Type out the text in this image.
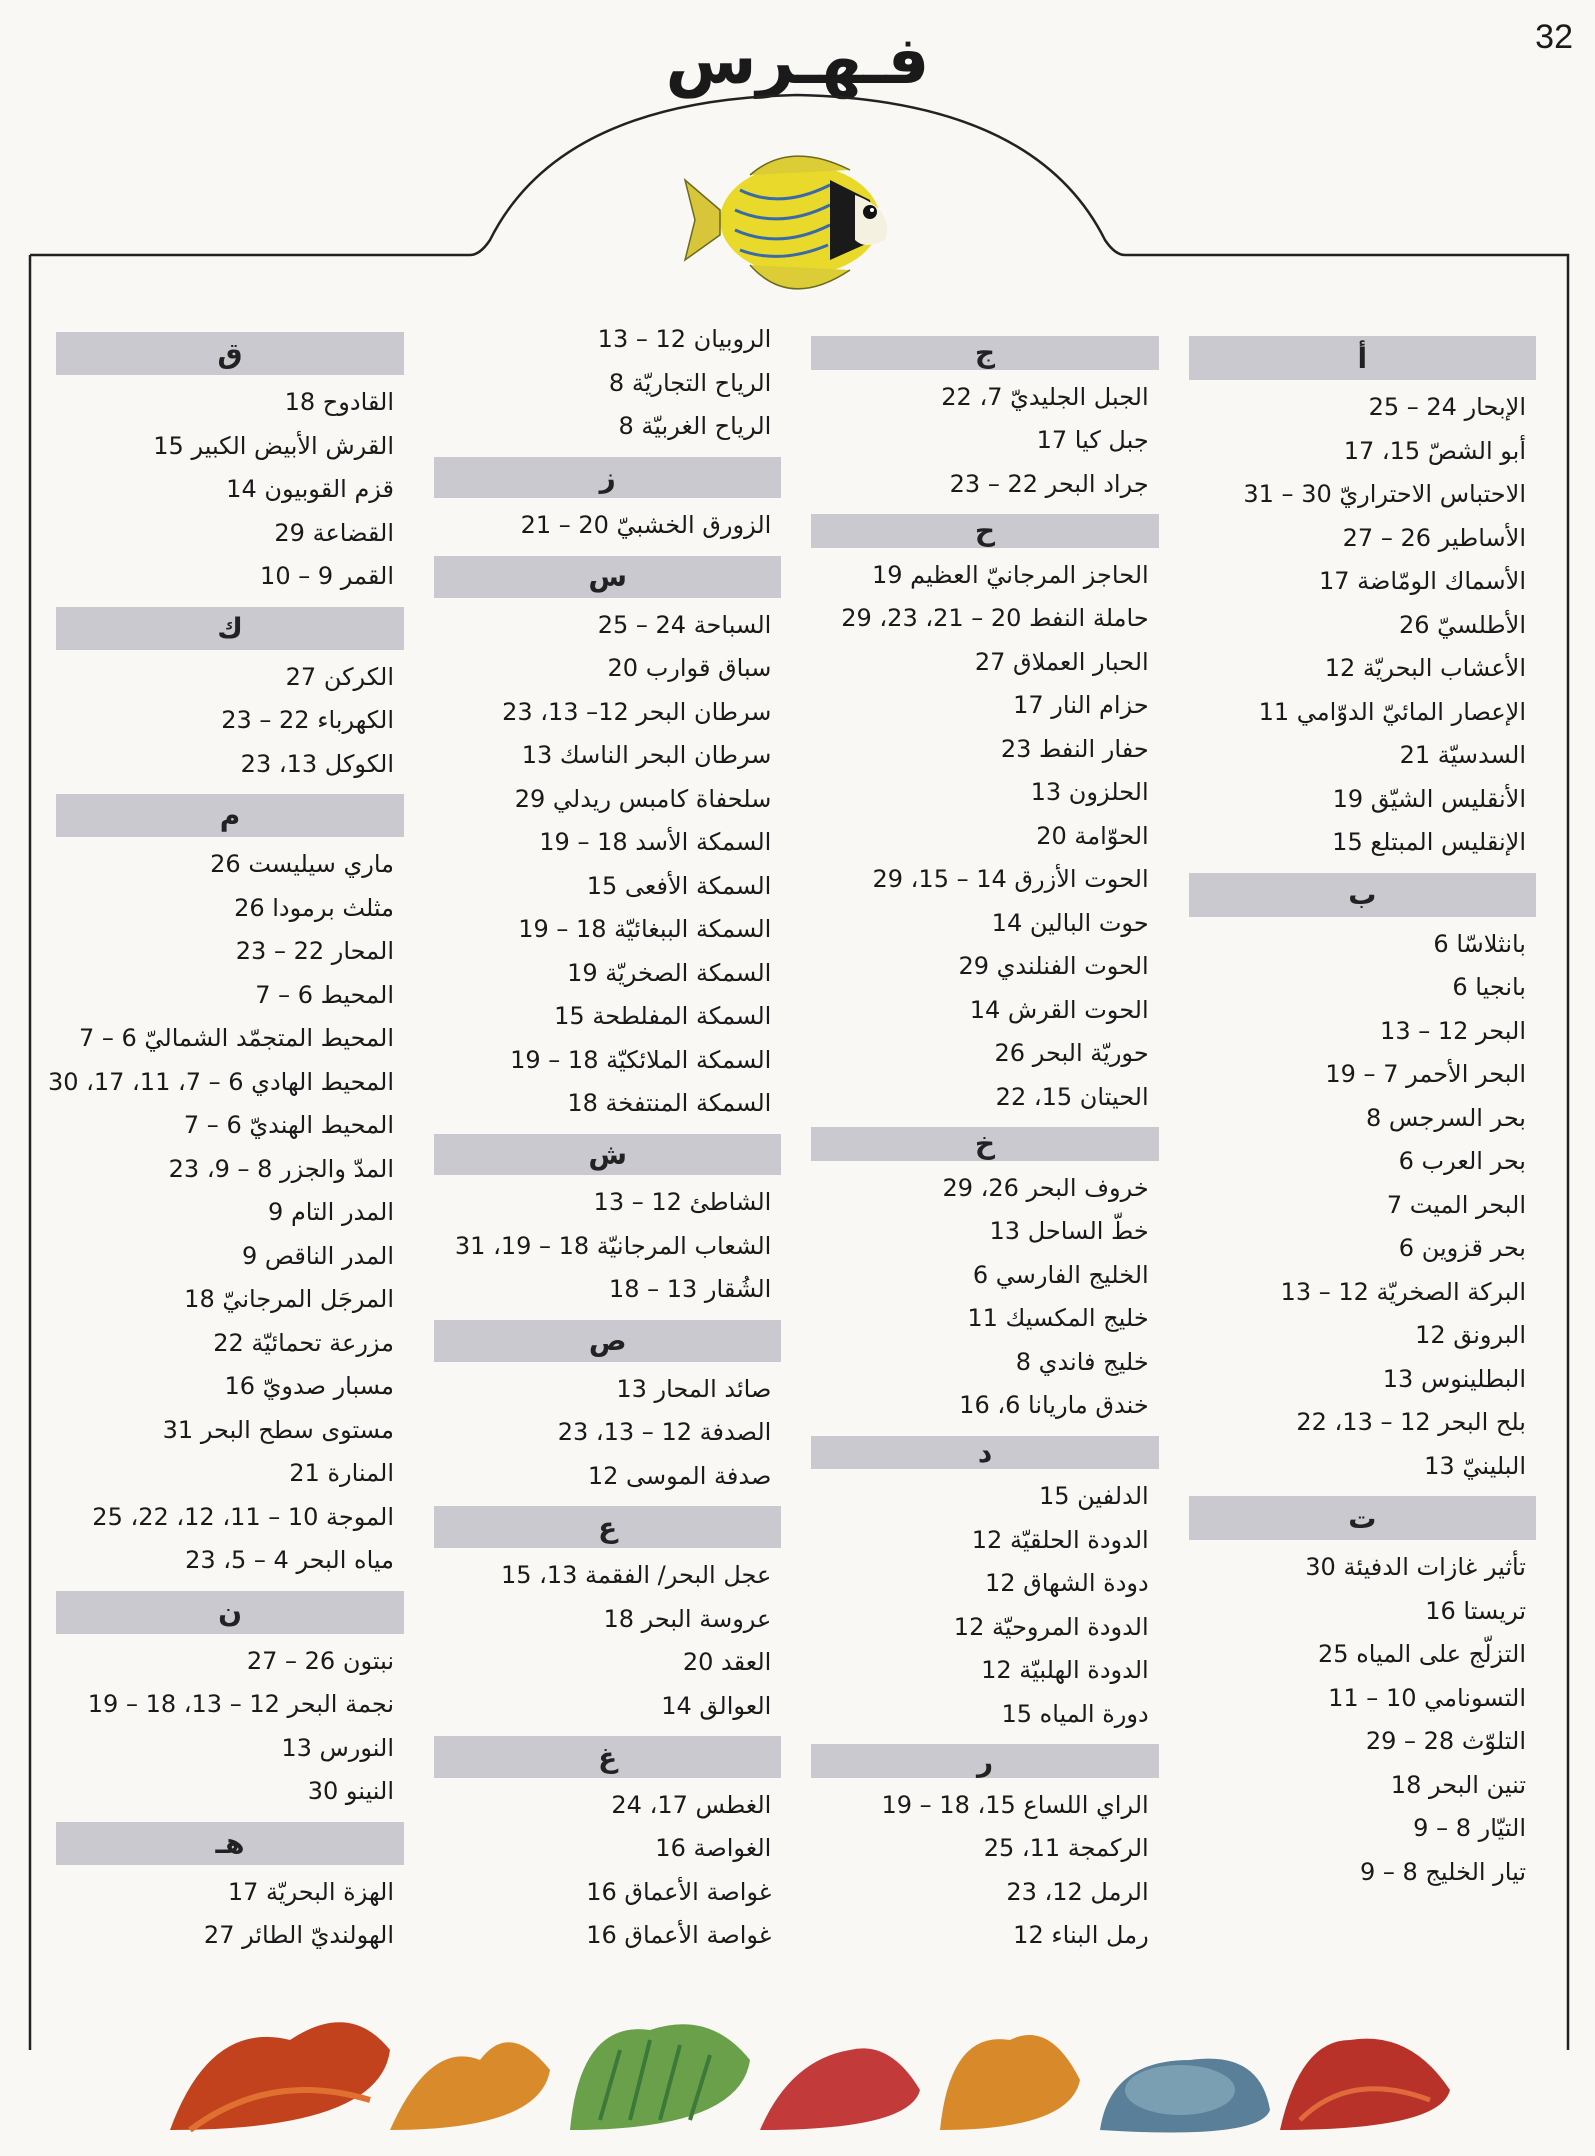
32
فـهـرس
أ
الإبحار 24 – 25
أبو الشصّ 15، 17
الاحتباس الاحتراريّ 30 – 31
الأساطير 26 – 27
الأسماك الومّاضة 17
الأطلسيّ 26
الأعشاب البحريّة 12
الإعصار المائيّ الدوّامي 11
السدسيّة 21
الأنقليس الشيّق 19
الإنقليس المبتلع 15
ب
بانثلاسّا 6
بانجيا 6
البحر 12 – 13
البحر الأحمر 7 – 19
بحر السرجس 8
بحر العرب 6
البحر الميت 7
بحر قزوين 6
البركة الصخريّة 12 – 13
البرونق 12
البطلينوس 13
بلح البحر 12 – 13، 22
البلينيّ 13
ت
تأثير غازات الدفيئة 30
تريستا 16
التزلّج على المياه 25
التسونامي 10 – 11
التلوّث 28 – 29
تنين البحر 18
التيّار 8 – 9
تيار الخليج 8 – 9
ج
الجبل الجليديّ 7، 22
جبل كيا 17
جراد البحر 22 – 23
ح
الحاجز المرجانيّ العظيم 19
حاملة النفط 20 – 21، 23، 29
الحبار العملاق 27
حزام النار 17
حفار النفط 23
الحلزون 13
الحوّامة 20
الحوت الأزرق 14 – 15، 29
حوت البالين 14
الحوت الفنلندي 29
الحوت القرش 14
حوريّة البحر 26
الحيتان 15، 22
خ
خروف البحر 26، 29
خطّ الساحل 13
الخليج الفارسي 6
خليج المكسيك 11
خليج فاندي 8
خندق ماريانا 6، 16
د
الدلفين 15
الدودة الحلقيّة 12
دودة الشهاق 12
الدودة المروحيّة 12
الدودة الهلبيّة 12
دورة المياه 15
ر
الراي اللساع 15، 18 – 19
الركمجة 11، 25
الرمل 12، 23
رمل البناء 12
الروبيان 12 – 13
الرياح التجاريّة 8
الرياح الغربيّة 8
ز
الزورق الخشبيّ 20 – 21
س
السباحة 24 – 25
سباق قوارب 20
سرطان البحر 12– 13، 23
سرطان البحر الناسك 13
سلحفاة كامبس ريدلي 29
السمكة الأسد 18 – 19
السمكة الأفعى 15
السمكة الببغائيّة 18 – 19
السمكة الصخريّة 19
السمكة المفلطحة 15
السمكة الملائكيّة 18 – 19
السمكة المنتفخة 18
ش
الشاطئ 12 – 13
الشعاب المرجانيّة 18 – 19، 31
الشُقار 13 – 18
ص
صائد المحار 13
الصدفة 12 – 13، 23
صدفة الموسى 12
ع
عجل البحر/ الفقمة 13، 15
عروسة البحر 18
العقد 20
العوالق 14
غ
الغطس 17، 24
الغواصة 16
غواصة الأعماق 16
غواصة الأعماق 16
ق
القادوح 18
القرش الأبيض الكبير 15
قزم القوبيون 14
القضاعة 29
القمر 9 – 10
ك
الكركن 27
الكهرباء 22 – 23
الكوكل 13، 23
م
ماري سيليست 26
مثلث برمودا 26
المحار 22 – 23
المحيط 6 – 7
المحيط المتجمّد الشماليّ 6 – 7
المحيط الهادي 6 – 7، 11، 17، 30
المحيط الهنديّ 6 – 7
المدّ والجزر 8 – 9، 23
المدر التام 9
المدر الناقص 9
المرجَل المرجانيّ 18
مزرعة تحمائيّة 22
مسبار صدويّ 16
مستوى سطح البحر 31
المنارة 21
الموجة 10 – 11، 12، 22، 25
مياه البحر 4 – 5، 23
ن
نبتون 26 – 27
نجمة البحر 12 – 13، 18 – 19
النورس 13
النينو 30
هـ
الهزة البحريّة 17
الهولنديّ الطائر 27
